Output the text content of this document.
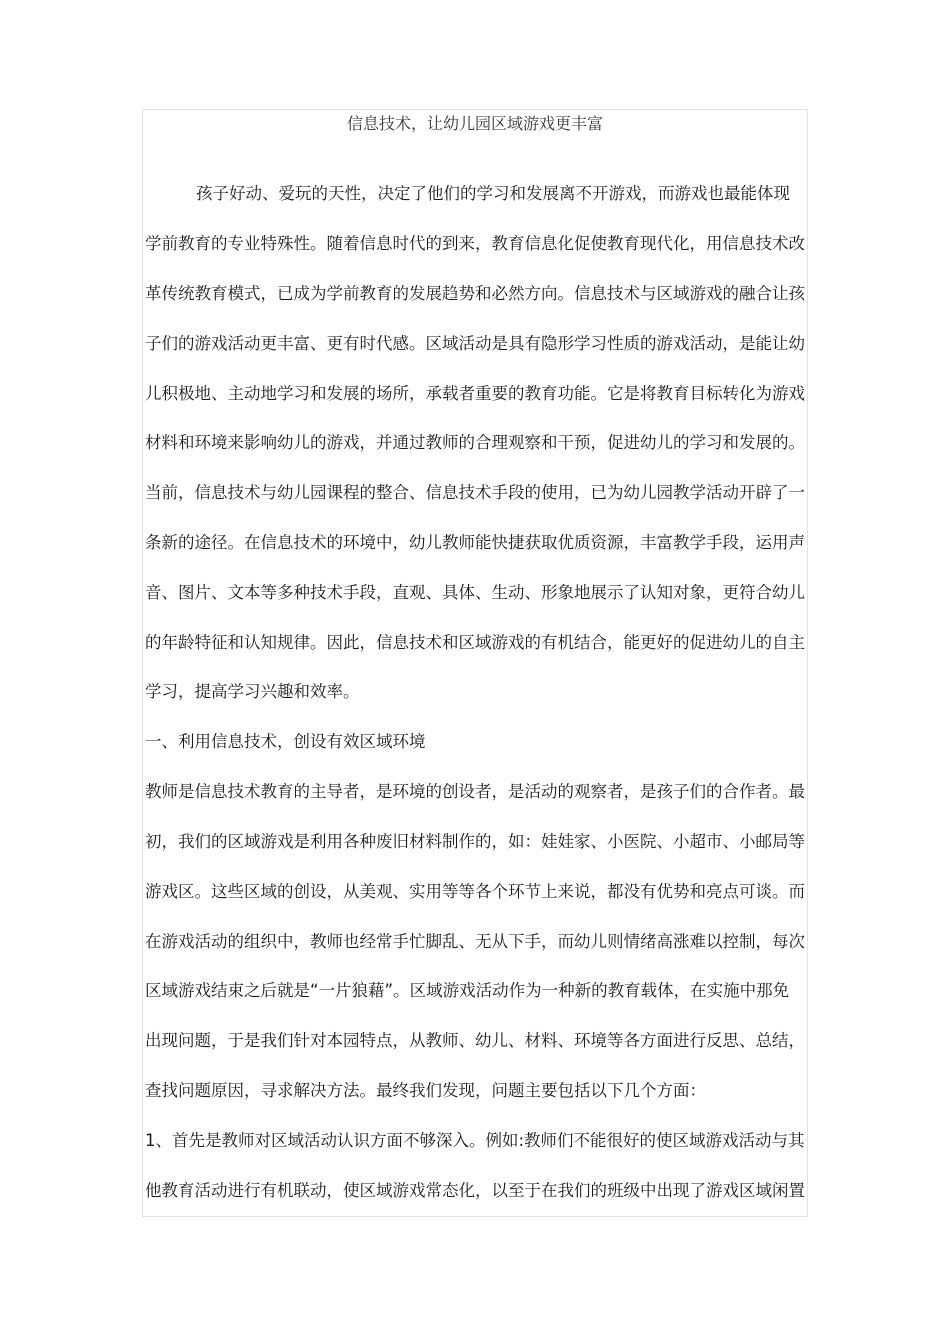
信息技术，让幼儿园区域游戏更丰富
孩子好动、爱玩的天性，决定了他们的学习和发展离不开游戏，而游戏也最能体现
学前教育的专业特殊性。随着信息时代的到来，教育信息化促使教育现代化，用信息技术改
革传统教育模式，已成为学前教育的发展趋势和必然方向。信息技术与区域游戏的融合让孩
子们的游戏活动更丰富、更有时代感。区域活动是具有隐形学习性质的游戏活动，是能让幼
儿积极地、主动地学习和发展的场所，承载者重要的教育功能。它是将教育目标转化为游戏
材料和环境来影响幼儿的游戏，并通过教师的合理观察和干预，促进幼儿的学习和发展的。
当前，信息技术与幼儿园课程的整合、信息技术手段的使用，已为幼儿园教学活动开辟了一
条新的途径。在信息技术的环境中，幼儿教师能快捷获取优质资源，丰富教学手段，运用声
音、图片、文本等多种技术手段，直观、具体、生动、形象地展示了认知对象，更符合幼儿
的年龄特征和认知规律。因此，信息技术和区域游戏的有机结合，能更好的促进幼儿的自主
学习，提高学习兴趣和效率。
一、利用信息技术，创设有效区域环境
教师是信息技术教育的主导者，是环境的创设者，是活动的观察者，是孩子们的合作者。最
初，我们的区域游戏是利用各种废旧材料制作的，如：娃娃家、小医院、小超市、小邮局等
游戏区。这些区域的创设，从美观、实用等等各个环节上来说，都没有优势和亮点可谈。而
在游戏活动的组织中，教师也经常手忙脚乱、无从下手，而幼儿则情绪高涨难以控制，每次
区域游戏结束之后就是“一片狼藉”。区域游戏活动作为一种新的教育载体，在实施中那免
出现问题，于是我们针对本园特点，从教师、幼儿、材料、环境等各方面进行反思、总结，
查找问题原因，寻求解决方法。最终我们发现，问题主要包括以下几个方面：
1、首先是教师对区域活动认识方面不够深入。例如:教师们不能很好的使区域游戏活动与其
他教育活动进行有机联动，使区域游戏常态化，以至于在我们的班级中出现了游戏区域闲置
